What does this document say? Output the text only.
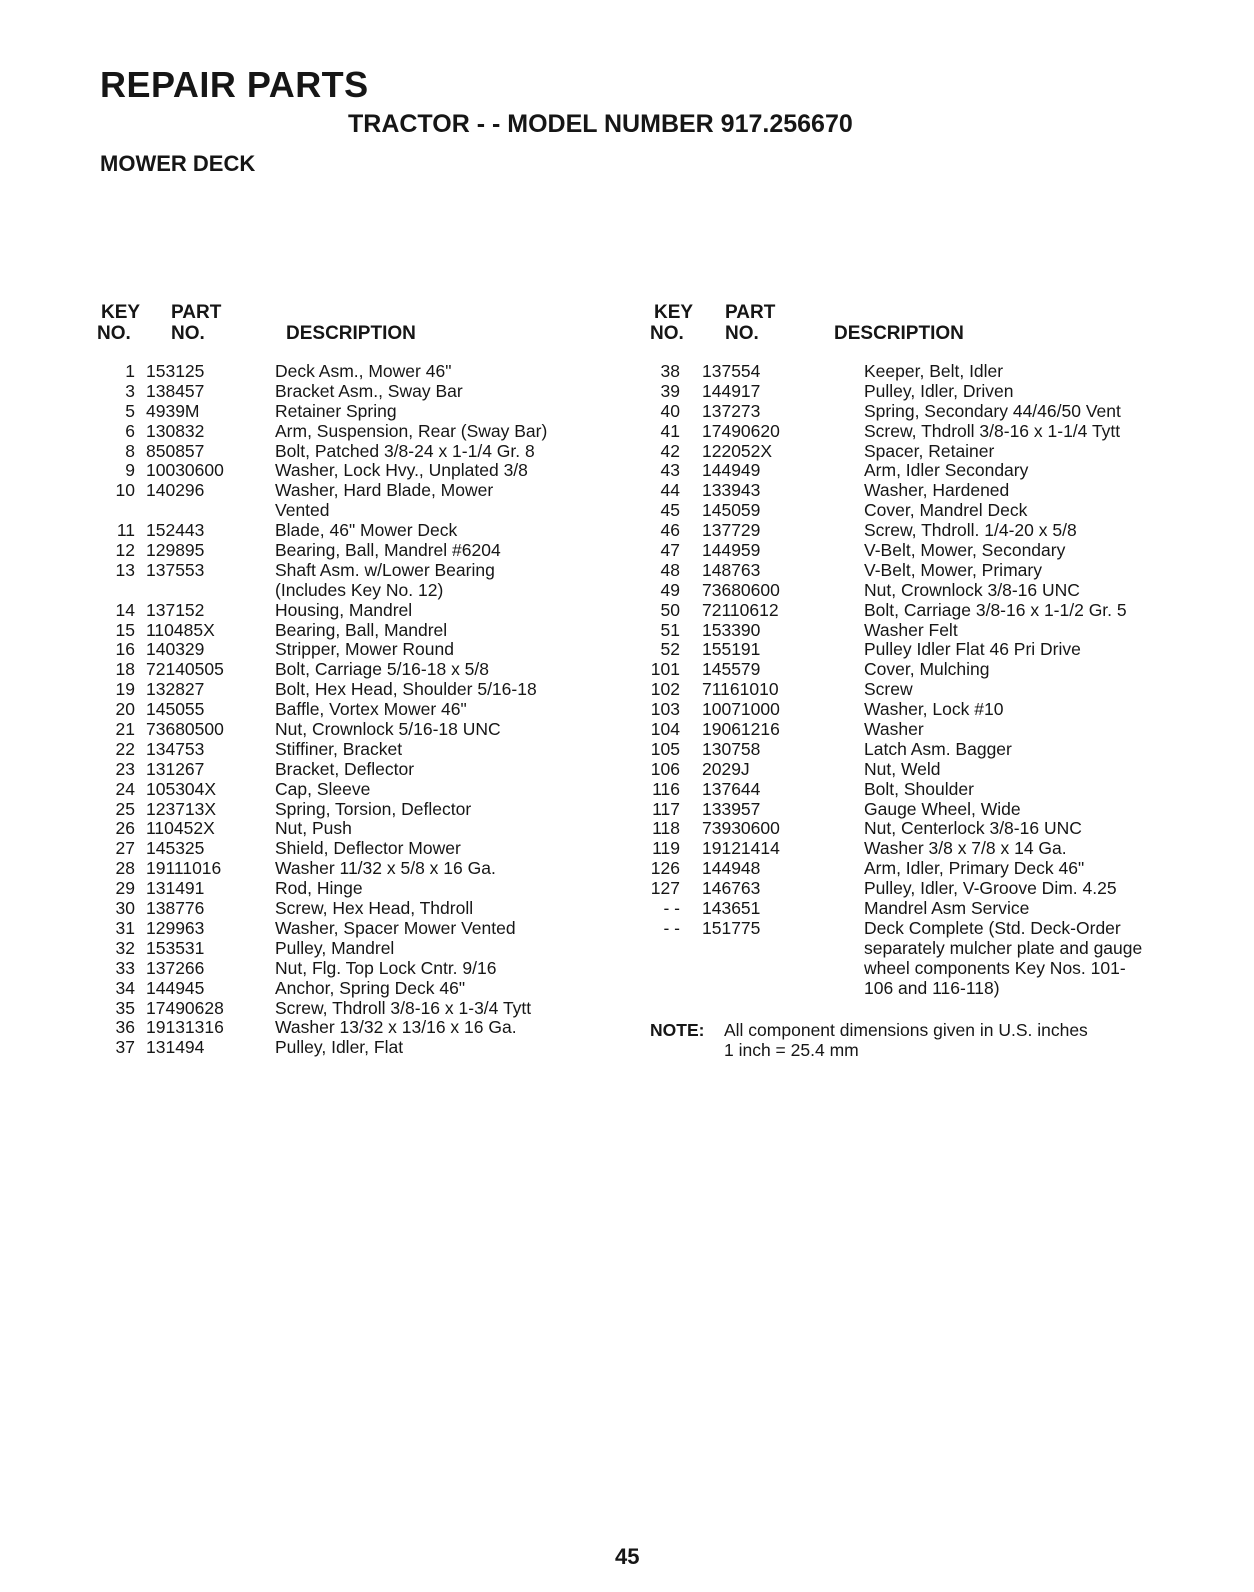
REPAIR PARTS
TRACTOR - - MODEL NUMBER 917.256670
MOWER DECK
KEY
NO.
PART
NO.	DESCRIPTION
1 153125	Deck Asm., Mower 46"
3 138457	Bracket Asm., Sway Bar
5 4939M	Retainer Spring
6 130832	Arm, Suspension, Rear (Sway Bar)
8 850857	Bolt, Patched 3/8-24 x 1-1/4 Gr. 8
9 10030600	Washer, Lock Hvy., Unplated 3/8
10 140296	Washer, Hard Blade, Mower
Vented
11 152443	Blade, 46" Mower Deck
12 129895	Bearing, Ball, Mandrel #6204
13 137553	Shaft Asm. w/Lower Bearing
(Includes Key No. 12)
14 137152	Housing, Mandrel
15 110485X	Bearing, Ball, Mandrel
16 140329	Stripper, Mower Round
18 72140505	Bolt, Carriage 5/16-18 x 5/8
19 132827	Bolt, Hex Head, Shoulder 5/16-18
20 145055	Baffle, Vortex Mower 46"
21 73680500	Nut, Crownlock 5/16-18 UNC
22 134753	Stiffiner, Bracket
23 131267	Bracket, Deflector
24 105304X	Cap, Sleeve
25 123713X	Spring, Torsion, Deflector
26 110452X	Nut, Push
27 145325	Shield, Deflector Mower
28 19111016	Washer 11/32 x 5/8 x 16 Ga.
29 131491	Rod, Hinge
30 138776	Screw, Hex Head, Thdroll
31 129963	Washer, Spacer Mower Vented
32 153531	Pulley, Mandrel
33 137266	Nut, Flg. Top Lock Cntr. 9/16
34 144945	Anchor, Spring Deck 46"
35 17490628	Screw, Thdroll 3/8-16 x 1-3/4 Tytt
36 19131316	Washer 13/32 x 13/16 x 16 Ga.
37 131494	Pulley, Idler, Flat
KEY
NO.
PART
NO.	DESCRIPTION
38	137554	Keeper, Belt, Idler
39	144917	Pulley, Idler, Driven
40	137273	Spring, Secondary 44/46/50 Vent
41	17490620	Screw, Thdroll 3/8-16 x 1-1/4 Tytt
42	122052X	Spacer, Retainer
43	144949	Arm, Idler Secondary
44	133943	Washer, Hardened
45	145059	Cover, Mandrel Deck
46	137729	Screw, Thdroll. 1/4-20 x 5/8
47	144959	V-Belt, Mower, Secondary
48	148763	V-Belt, Mower, Primary
49	73680600	Nut, Crownlock 3/8-16 UNC
50	72110612	Bolt, Carriage 3/8-16 x 1-1/2 Gr. 5
51	153390	Washer Felt
52	155191	Pulley Idler Flat 46 Pri Drive
101	145579	Cover, Mulching
102	71161010	Screw
103	10071000	Washer, Lock #10
104	19061216	Washer
105	130758	Latch Asm. Bagger
106	2029J	Nut, Weld
116	137644	Bolt, Shoulder
117	133957	Gauge Wheel, Wide
118	73930600	Nut, Centerlock 3/8-16 UNC
119	19121414	Washer 3/8 x 7/8 x 14 Ga.
126	144948	Arm, Idler, Primary Deck 46"
127	146763	Pulley, Idler, V-Groove Dim. 4.25
- -	143651	Mandrel Asm Service
- -	151775	Deck Complete (Std. Deck-Order
separately mulcher plate and gauge
wheel components Key Nos. 101-
106 and 116-118)
NOTE:	All component dimensions given in U.S. inches
1 inch = 25.4 mm
45
